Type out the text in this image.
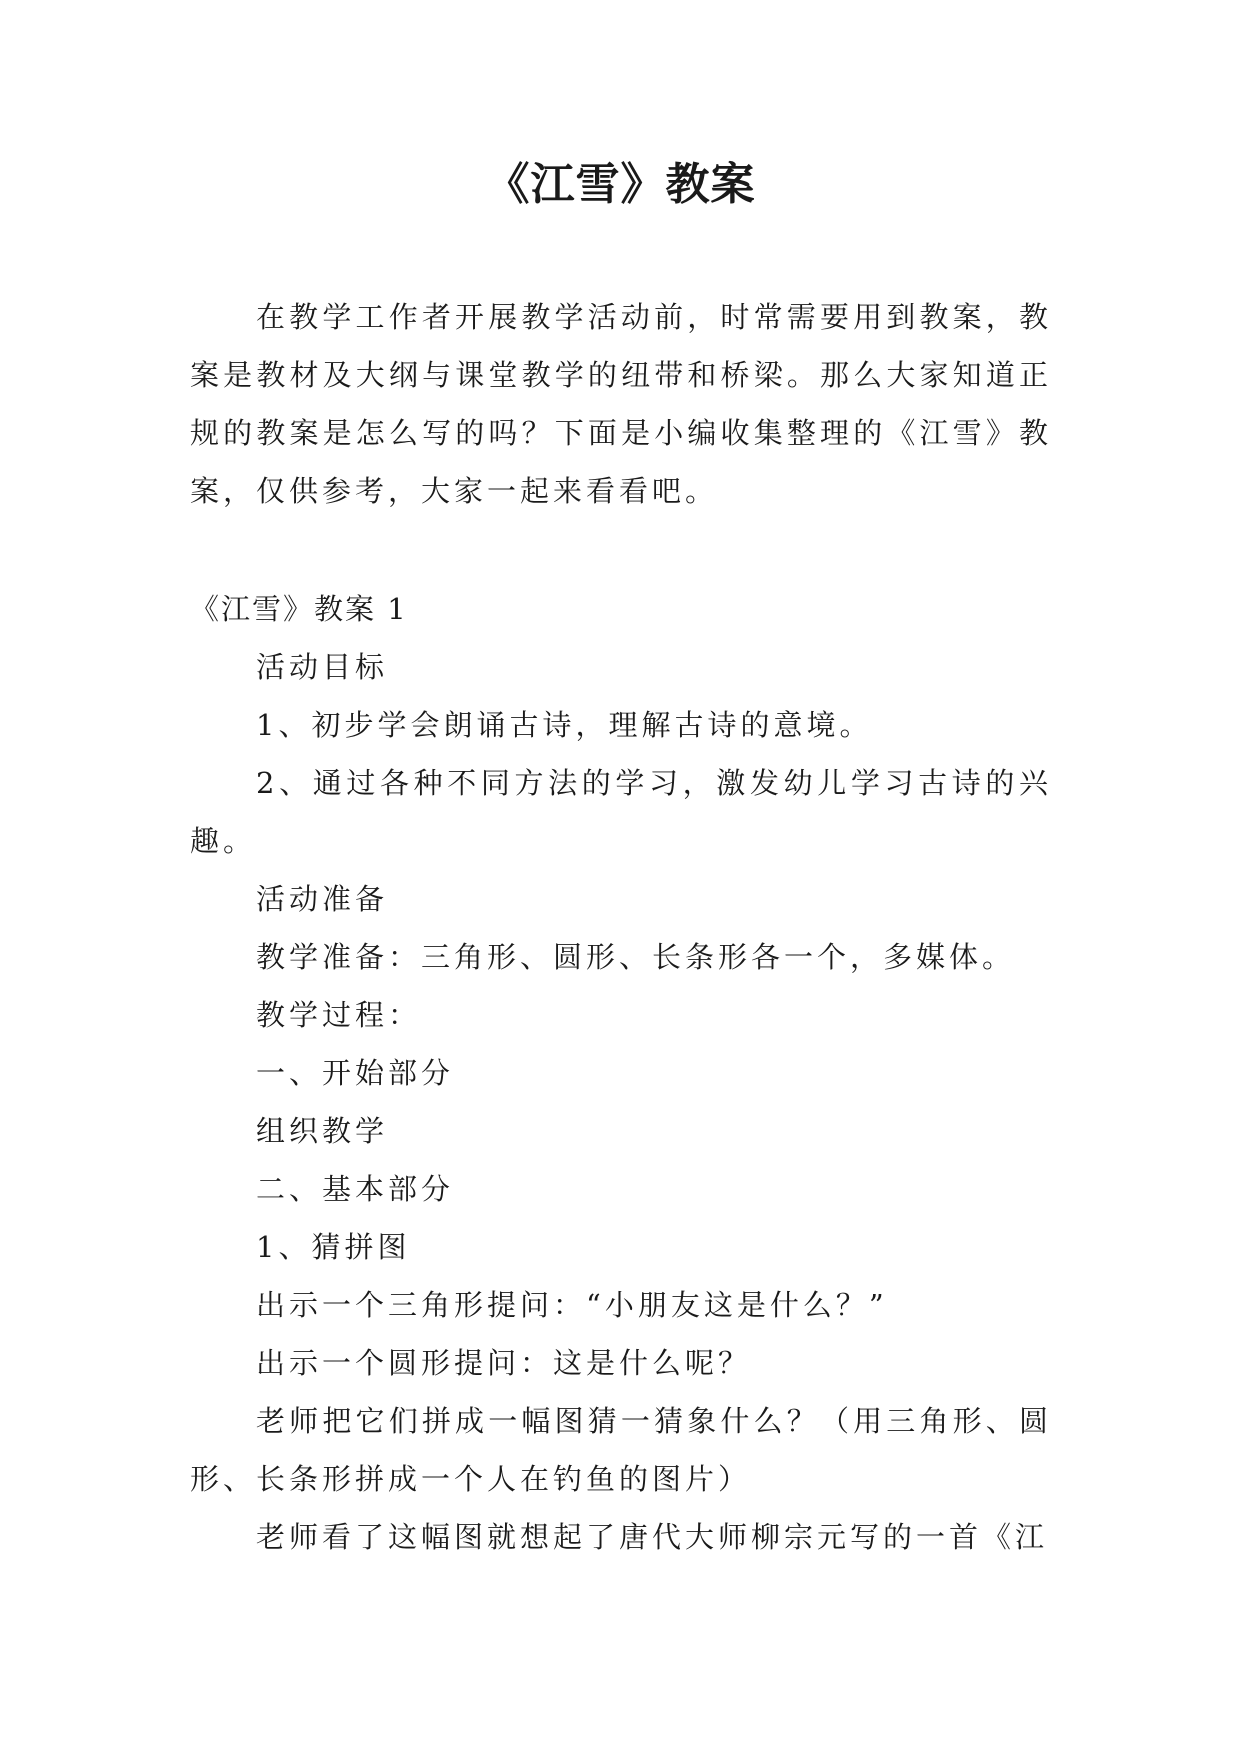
《江雪》教案

在教学工作者开展教学活动前，时常需要用到教案，教案是教材及大纲与课堂教学的纽带和桥梁。那么大家知道正规的教案是怎么写的吗？下面是小编收集整理的《江雪》教案，仅供参考，大家一起来看看吧。

《江雪》教案 1

活动目标

1、初步学会朗诵古诗，理解古诗的意境。

2、通过各种不同方法的学习，激发幼儿学习古诗的兴趣。

活动准备

教学准备：三角形、圆形、长条形各一个，多媒体。

教学过程：

一、开始部分

组织教学

二、基本部分

1、猜拼图

出示一个三角形提问：“小朋友这是什么？”

出示一个圆形提问：这是什么呢？

老师把它们拼成一幅图猜一猜象什么？（用三角形、圆形、长条形拼成一个人在钓鱼的图片）

老师看了这幅图就想起了唐代大师柳宗元写的一首《江
